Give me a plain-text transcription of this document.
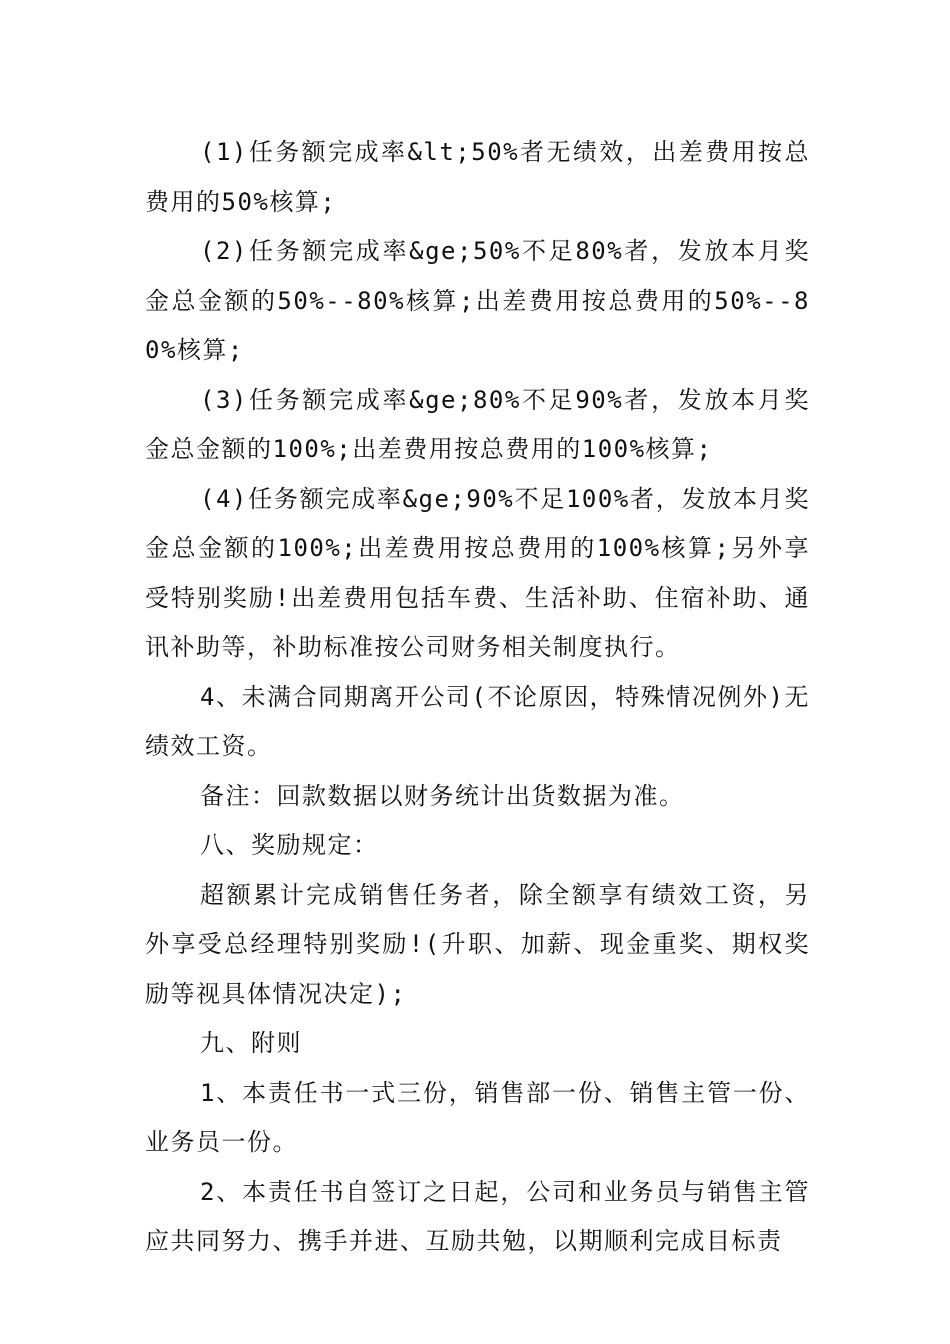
(1)任务额完成率&lt;50%者无绩效，出差费用按总费用的50%核算;

(2)任务额完成率&ge;50%不足80%者，发放本月奖金总金额的50%--80%核算;出差费用按总费用的50%--80%核算;

(3)任务额完成率&ge;80%不足90%者，发放本月奖金总金额的100%;出差费用按总费用的100%核算;

(4)任务额完成率&ge;90%不足100%者，发放本月奖金总金额的100%;出差费用按总费用的100%核算;另外享受特别奖励!出差费用包括车费、生活补助、住宿补助、通讯补助等，补助标准按公司财务相关制度执行。

4、未满合同期离开公司(不论原因，特殊情况例外)无绩效工资。

备注：回款数据以财务统计出货数据为准。

八、奖励规定：

超额累计完成销售任务者，除全额享有绩效工资，另外享受总经理特别奖励!(升职、加薪、现金重奖、期权奖励等视具体情况决定);

九、附则

1、本责任书一式三份，销售部一份、销售主管一份、业务员一份。

2、本责任书自签订之日起，公司和业务员与销售主管应共同努力、携手并进、互励共勉，以期顺利完成目标责
